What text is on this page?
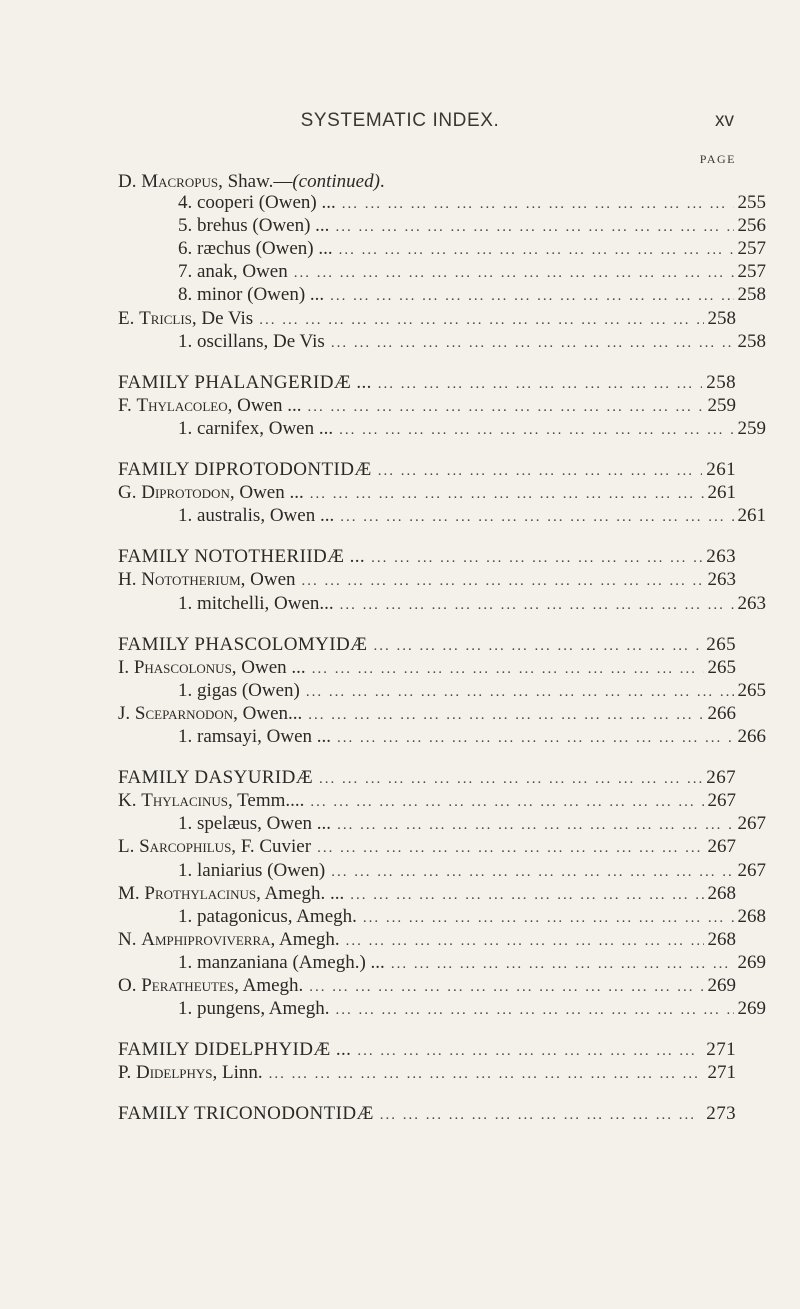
SYSTEMATIC INDEX.	xv
PAGE
D. Macropus, Shaw.—(continued).
4. cooperi (Owen) ... ... .	255
5. brehus (Owen) ... ... .	256
6. ræchus (Owen) ... ... .	257
7. anak, Owen ... .	257
8. minor (Owen) ... ... .	258
E. Triclis, De Vis ... .	258
1. oscillans, De Vis ... .	258
FAMILY PHALANGERIDÆ ... ... .	258
F. Thylacoleo, Owen ... ... .	259
1. carnifex, Owen ... ... .	259
FAMILY DIPROTODONTIDÆ ... .	261
G. Diprotodon, Owen ... ... .	261
1. australis, Owen ... ... .	261
FAMILY NOTOTHERIIDÆ ... ... .	263
H. Nototherium, Owen ... .	263
1. mitchelli, Owen... ... .	263
FAMILY PHASCOLOMYIDÆ ... .	265
I. Phascolonus, Owen ... ... .	265
1. gigas (Owen) ... .	265
J. Sceparnodon, Owen... ... .	266
1. ramsayi, Owen ... ... .	266
FAMILY DASYURIDÆ ... .	267
K. Thylacinus, Temm.... ... .	267
1. spelæus, Owen ... ... .	267
L. Sarcophilus, F. Cuvier ... .	267
1. laniarius (Owen) ... .	267
M. Prothylacinus, Amegh. ... ... .	268
1. patagonicus, Amegh. ... .	268
N. Amphiproviverra, Amegh. ... .	268
1. manzaniana (Amegh.) ... ... .	269
O. Peratheutes, Amegh. ... .	269
1. pungens, Amegh. ... .	269
FAMILY DIDELPHYIDÆ ... ... .	271
P. Didelphys, Linn. ... .	271
FAMILY TRICONODONTIDÆ ... .	273
